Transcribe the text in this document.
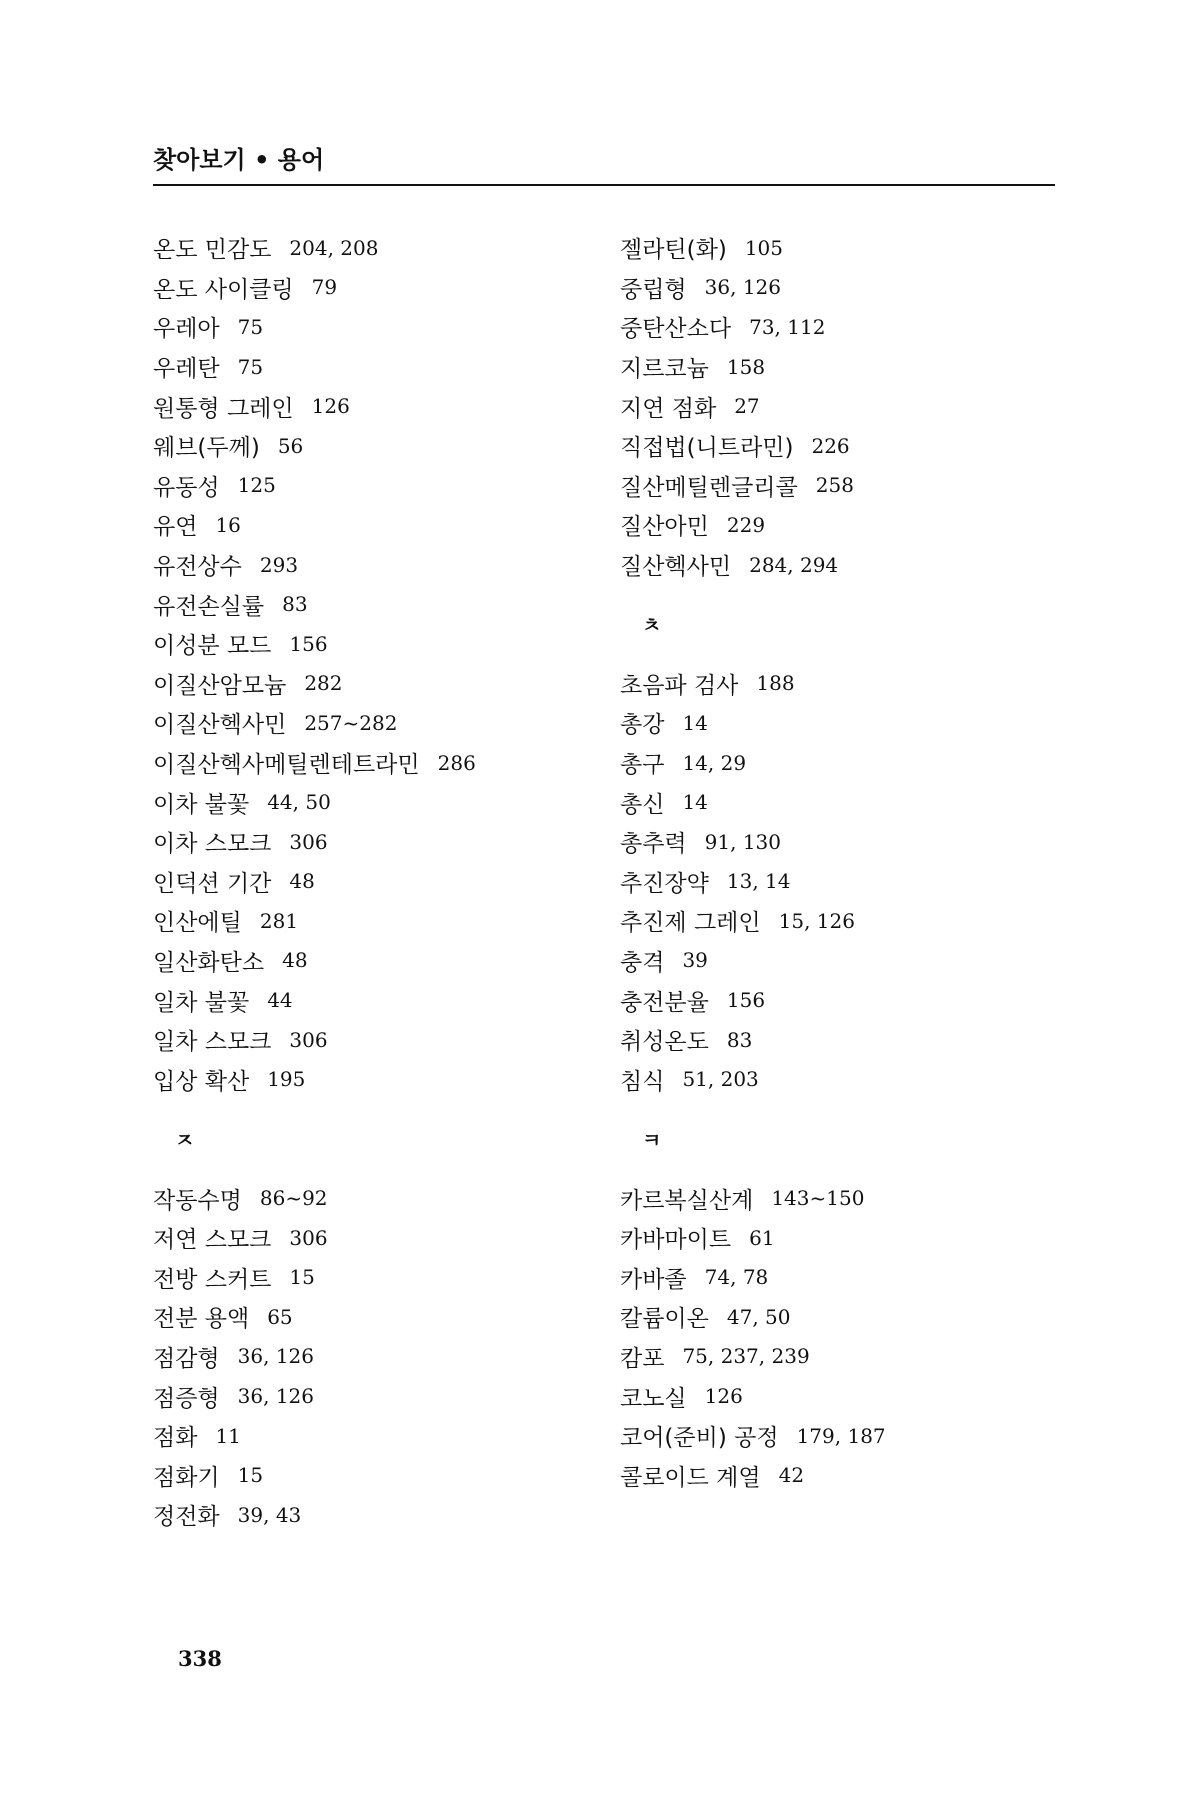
찾아보기 • 용어
온도 민감도 204, 208
온도 사이클링 79
우레아 75
우레탄 75
원통형 그레인 126
웨브(두께) 56
유동성 125
유연 16
유전상수 293
유전손실률 83
이성분 모드 156
이질산암모늄 282
이질산헥사민 257~282
이질산헥사메틸렌테트라민 286
이차 불꽃 44, 50
이차 스모크 306
인덕션 기간 48
인산에틸 281
일산화탄소 48
일차 불꽃 44
일차 스모크 306
입상 확산 195
ㅈ
작동수명 86~92
저연 스모크 306
전방 스커트 15
전분 용액 65
점감형 36, 126
점증형 36, 126
점화 11
점화기 15
정전화 39, 43
젤라틴(화) 105
중립형 36, 126
중탄산소다 73, 112
지르코늄 158
지연 점화 27
직접법(니트라민) 226
질산메틸렌글리콜 258
질산아민 229
질산헥사민 284, 294
ㅊ
초음파 검사 188
총강 14
총구 14, 29
총신 14
총추력 91, 130
추진장약 13, 14
추진제 그레인 15, 126
충격 39
충전분율 156
취성온도 83
침식 51, 203
ㅋ
카르복실산계 143~150
카바마이트 61
카바졸 74, 78
칼륨이온 47, 50
캄포 75, 237, 239
코노실 126
코어(준비) 공정 179, 187
콜로이드 계열 42
338
